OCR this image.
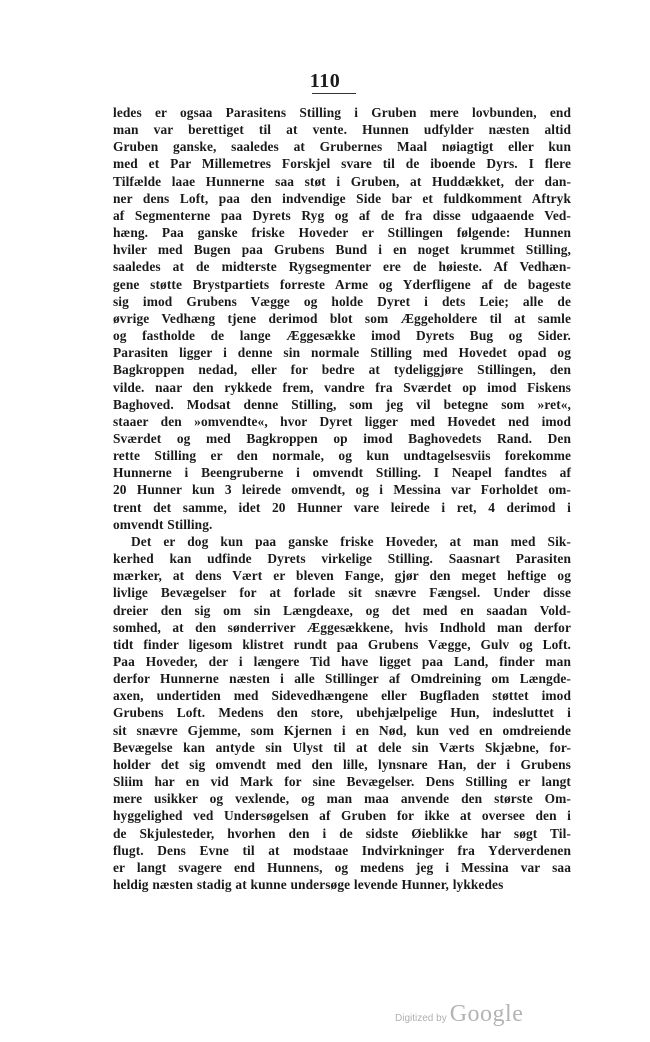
110
ledes er ogsaa Parasitens Stilling i Gruben mere lovbunden, end
man var berettiget til at vente. Hunnen udfylder næsten altid
Gruben ganske, saaledes at Grubernes Maal nøiagtigt eller kun
med et Par Millemetres Forskjel svare til de iboende Dyrs. I flere
Tilfælde laae Hunnerne saa støt i Gruben, at Huddækket, der dan-
ner dens Loft, paa den indvendige Side bar et fuldkomment Aftryk
af Segmenterne paa Dyrets Ryg og af de fra disse udgaaende Ved-
hæng. Paa ganske friske Hoveder er Stillingen følgende: Hunnen
hviler med Bugen paa Grubens Bund i en noget krummet Stilling,
saaledes at de midterste Rygsegmenter ere de høieste. Af Vedhæn-
gene støtte Brystpartiets forreste Arme og Yderfligene af de bageste
sig imod Grubens Vægge og holde Dyret i dets Leie; alle de
øvrige Vedhæng tjene derimod blot som Æggeholdere til at samle
og fastholde de lange Æggesække imod Dyrets Bug og Sider.
Parasiten ligger i denne sin normale Stilling med Hovedet opad og
Bagkroppen nedad, eller for bedre at tydeliggjøre Stillingen, den
vilde. naar den rykkede frem, vandre fra Sværdet op imod Fiskens
Baghoved. Modsat denne Stilling, som jeg vil betegne som »ret«,
staaer den »omvendte«, hvor Dyret ligger med Hovedet ned imod
Sværdet og med Bagkroppen op imod Baghovedets Rand. Den
rette Stilling er den normale, og kun undtagelsesviis forekomme
Hunnerne i Beengruberne i omvendt Stilling. I Neapel fandtes af
20 Hunner kun 3 leirede omvendt, og i Messina var Forholdet om-
trent det samme, idet 20 Hunner vare leirede i ret, 4 derimod i
omvendt Stilling.
Det er dog kun paa ganske friske Hoveder, at man med Sik-
kerhed kan udfinde Dyrets virkelige Stilling. Saasnart Parasiten
mærker, at dens Vært er bleven Fange, gjør den meget heftige og
livlige Bevægelser for at forlade sit snævre Fængsel. Under disse
dreier den sig om sin Længdeaxe, og det med en saadan Vold-
somhed, at den sønderriver Æggesækkene, hvis Indhold man derfor
tidt finder ligesom klistret rundt paa Grubens Vægge, Gulv og Loft.
Paa Hoveder, der i længere Tid have ligget paa Land, finder man
derfor Hunnerne næsten i alle Stillinger af Omdreining om Længde-
axen, undertiden med Sidevedhængene eller Bugfladen støttet imod
Grubens Loft. Medens den store, ubehjælpelige Hun, indesluttet i
sit snævre Gjemme, som Kjernen i en Nød, kun ved en omdreiende
Bevægelse kan antyde sin Ulyst til at dele sin Værts Skjæbne, for-
holder det sig omvendt med den lille, lynsnare Han, der i Grubens
Sliim har en vid Mark for sine Bevægelser. Dens Stilling er langt
mere usikker og vexlende, og man maa anvende den største Om-
hyggelighed ved Undersøgelsen af Gruben for ikke at oversee den i
de Skjulesteder, hvorhen den i de sidste Øieblikke har søgt Til-
flugt. Dens Evne til at modstaae Indvirkninger fra Yderverdenen
er langt svagere end Hunnens, og medens jeg i Messina var saa
heldig næsten stadig at kunne undersøge levende Hunner, lykkedes
Digitized by Google
